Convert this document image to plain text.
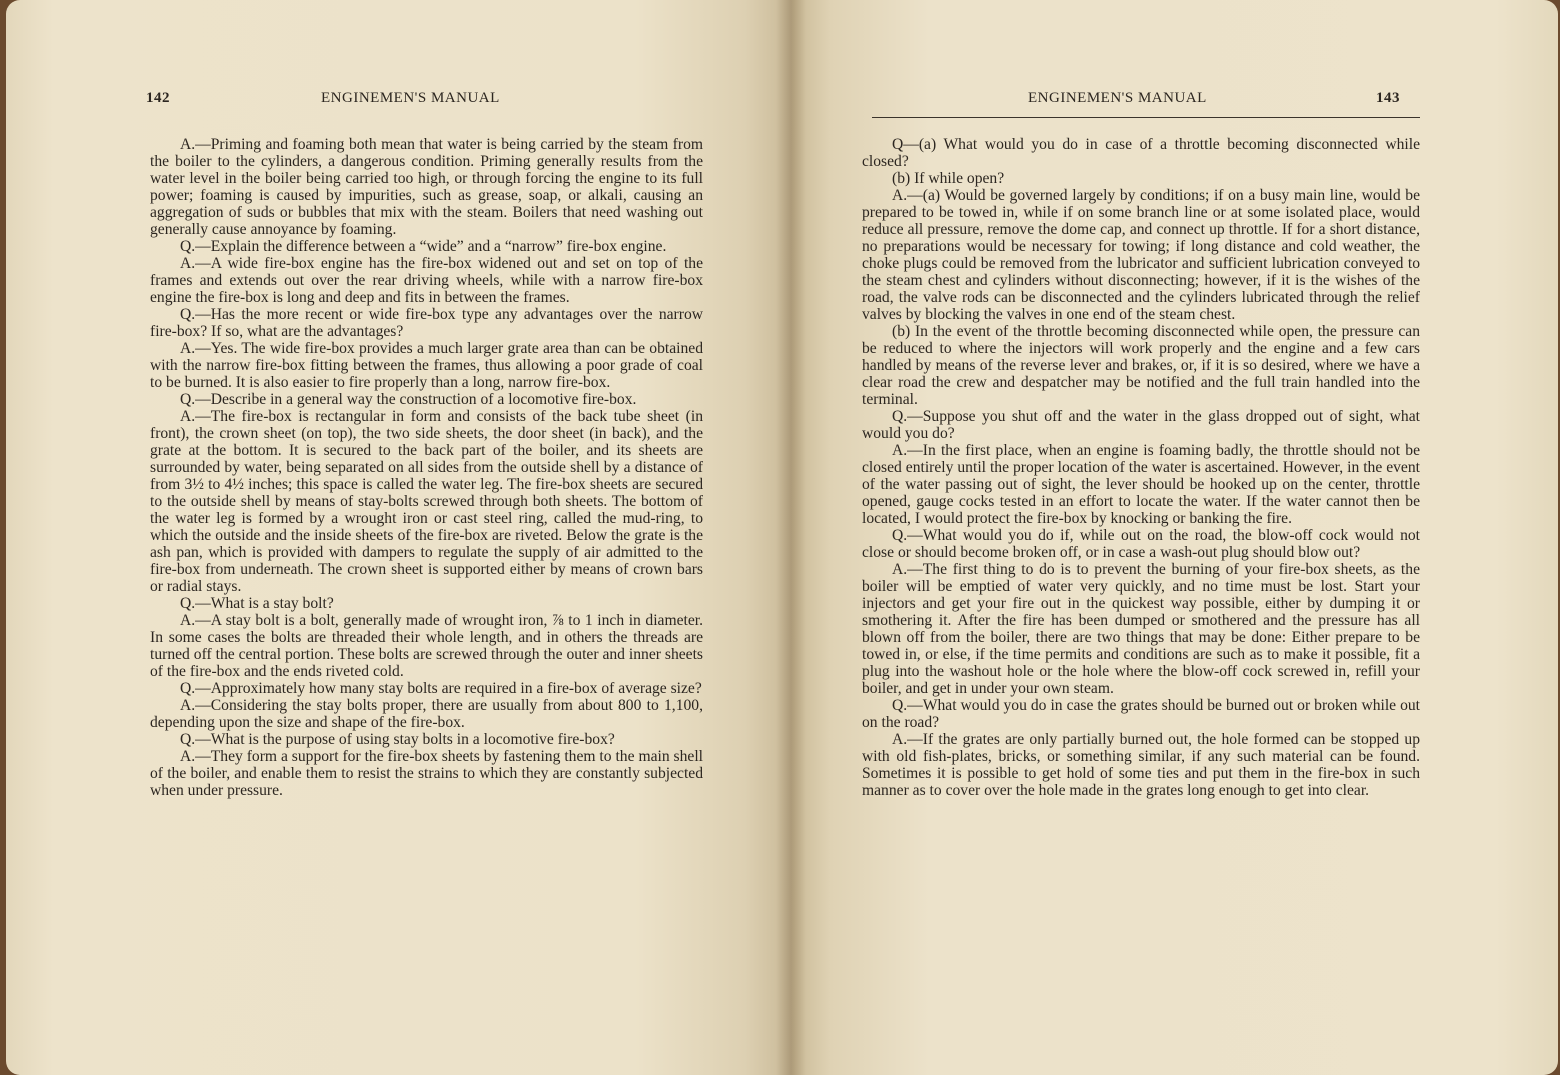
142	ENGINEMEN'S MANUAL

A.—Priming and foaming both mean that water is being carried by the steam from the boiler to the cylinders, a dangerous condition. Priming generally results from the water level in the boiler being carried too high, or through forcing the engine to its full power; foaming is caused by impurities, such as grease, soap, or alkali, causing an aggregation of suds or bubbles that mix with the steam. Boilers that need washing out generally cause annoyance by foaming.

Q.—Explain the difference between a “wide” and a “narrow” fire-box engine.

A.—A wide fire-box engine has the fire-box widened out and set on top of the frames and extends out over the rear driving wheels, while with a narrow fire-box engine the fire-box is long and deep and fits in between the frames.

Q.—Has the more recent or wide fire-box type any advantages over the narrow fire-box? If so, what are the advantages?

A.—Yes. The wide fire-box provides a much larger grate area than can be obtained with the narrow fire-box fitting between the frames, thus allowing a poor grade of coal to be burned. It is also easier to fire properly than a long, narrow fire-box.

Q.—Describe in a general way the construction of a locomotive fire-box.

A.—The fire-box is rectangular in form and consists of the back tube sheet (in front), the crown sheet (on top), the two side sheets, the door sheet (in back), and the grate at the bottom. It is secured to the back part of the boiler, and its sheets are surrounded by water, being separated on all sides from the outside shell by a distance of from 3½ to 4½ inches; this space is called the water leg. The fire-box sheets are secured to the outside shell by means of stay-bolts screwed through both sheets. The bottom of the water leg is formed by a wrought iron or cast steel ring, called the mud-ring, to which the outside and the inside sheets of the fire-box are riveted. Below the grate is the ash pan, which is provided with dampers to regulate the supply of air admitted to the fire-box from underneath. The crown sheet is supported either by means of crown bars or radial stays.

Q.—What is a stay bolt?

A.—A stay bolt is a bolt, generally made of wrought iron, ⅞ to 1 inch in diameter. In some cases the bolts are threaded their whole length, and in others the threads are turned off the central portion. These bolts are screwed through the outer and inner sheets of the fire-box and the ends riveted cold.

Q.—Approximately how many stay bolts are required in a fire-box of average size?

A.—Considering the stay bolts proper, there are usually from about 800 to 1,100, depending upon the size and shape of the fire-box.

Q.—What is the purpose of using stay bolts in a locomotive fire-box?

A.—They form a support for the fire-box sheets by fastening them to the main shell of the boiler, and enable them to resist the strains to which they are constantly subjected when under pressure.

ENGINEMEN'S MANUAL	143

Q—(a) What would you do in case of a throttle becoming disconnected while closed?

(b) If while open?

A.—(a) Would be governed largely by conditions; if on a busy main line, would be prepared to be towed in, while if on some branch line or at some isolated place, would reduce all pressure, remove the dome cap, and connect up throttle. If for a short distance, no preparations would be necessary for towing; if long distance and cold weather, the choke plugs could be removed from the lubricator and sufficient lubrication conveyed to the steam chest and cylinders without disconnecting; however, if it is the wishes of the road, the valve rods can be disconnected and the cylinders lubricated through the relief valves by blocking the valves in one end of the steam chest.

(b) In the event of the throttle becoming disconnected while open, the pressure can be reduced to where the injectors will work properly and the engine and a few cars handled by means of the reverse lever and brakes, or, if it is so desired, where we have a clear road the crew and despatcher may be notified and the full train handled into the terminal.

Q.—Suppose you shut off and the water in the glass dropped out of sight, what would you do?

A.—In the first place, when an engine is foaming badly, the throttle should not be closed entirely until the proper location of the water is ascertained. However, in the event of the water passing out of sight, the lever should be hooked up on the center, throttle opened, gauge cocks tested in an effort to locate the water. If the water cannot then be located, I would protect the fire-box by knocking or banking the fire.

Q.—What would you do if, while out on the road, the blow-off cock would not close or should become broken off, or in case a wash-out plug should blow out?

A.—The first thing to do is to prevent the burning of your fire-box sheets, as the boiler will be emptied of water very quickly, and no time must be lost. Start your injectors and get your fire out in the quickest way possible, either by dumping it or smothering it. After the fire has been dumped or smothered and the pressure has all blown off from the boiler, there are two things that may be done: Either prepare to be towed in, or else, if the time permits and conditions are such as to make it possible, fit a plug into the washout hole or the hole where the blow-off cock screwed in, refill your boiler, and get in under your own steam.

Q.—What would you do in case the grates should be burned out or broken while out on the road?

A.—If the grates are only partially burned out, the hole formed can be stopped up with old fish-plates, bricks, or something similar, if any such material can be found. Sometimes it is possible to get hold of some ties and put them in the fire-box in such manner as to cover over the hole made in the grates long enough to get into clear.
